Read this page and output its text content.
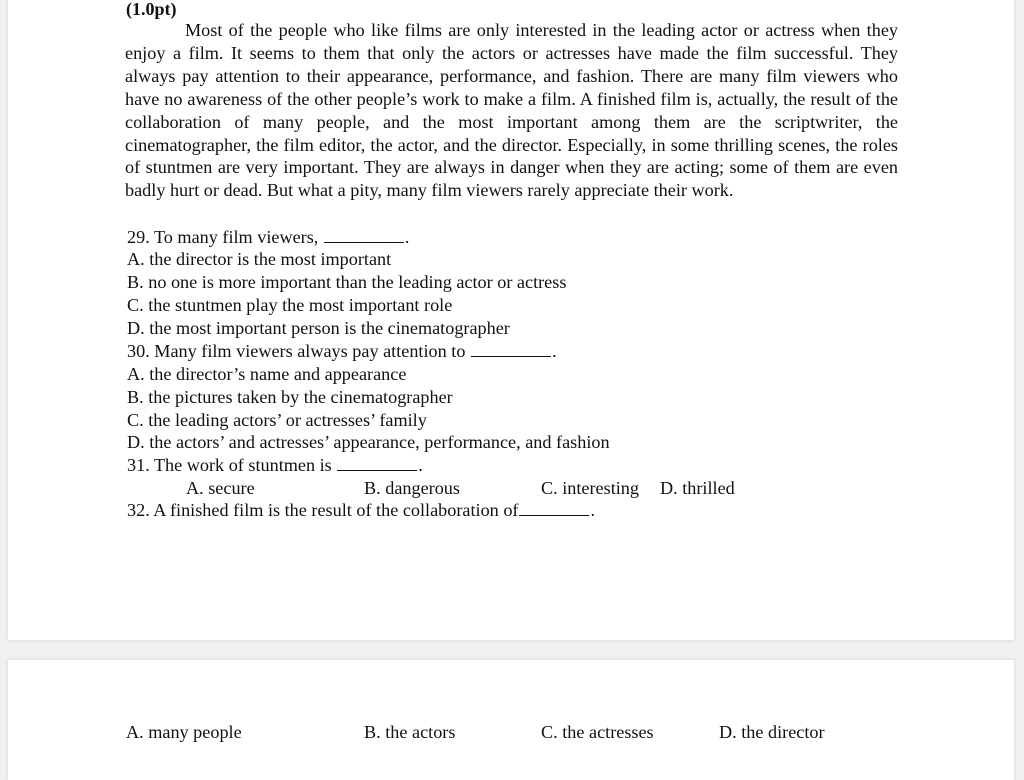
(1.0pt)

Most of the people who like films are only interested in the leading actor or actress when they enjoy a film. It seems to them that only the actors or actresses have made the film successful. They always pay attention to their appearance, performance, and fashion. There are many film viewers who have no awareness of the other people’s work to make a film. A finished film is, actually, the result of the collaboration of many people, and the most important among them are the scriptwriter, the cinematographer, the film editor, the actor, and the director. Especially, in some thrilling scenes, the roles of stuntmen are very important. They are always in danger when they are acting; some of them are even badly hurt or dead. But what a pity, many film viewers rarely appreciate their work.

29. To many film viewers,	.
A. the director is the most important
B. no one is more important than the leading actor or actress
C. the stuntmen play the most important role
D. the most important person is the cinematographer
30. Many film viewers always pay attention to	.
A. the director’s name and appearance
B. the pictures taken by the cinematographer
C. the leading actors’ or actresses’ family
D. the actors’ and actresses’ appearance, performance, and fashion
31. The work of stuntmen is	.
A. secure	B. dangerous	C. interesting D. thrilled
32. A finished film is the result of the collaboration of	.
A. many people	B. the actors	C. the actresses	D. the director
